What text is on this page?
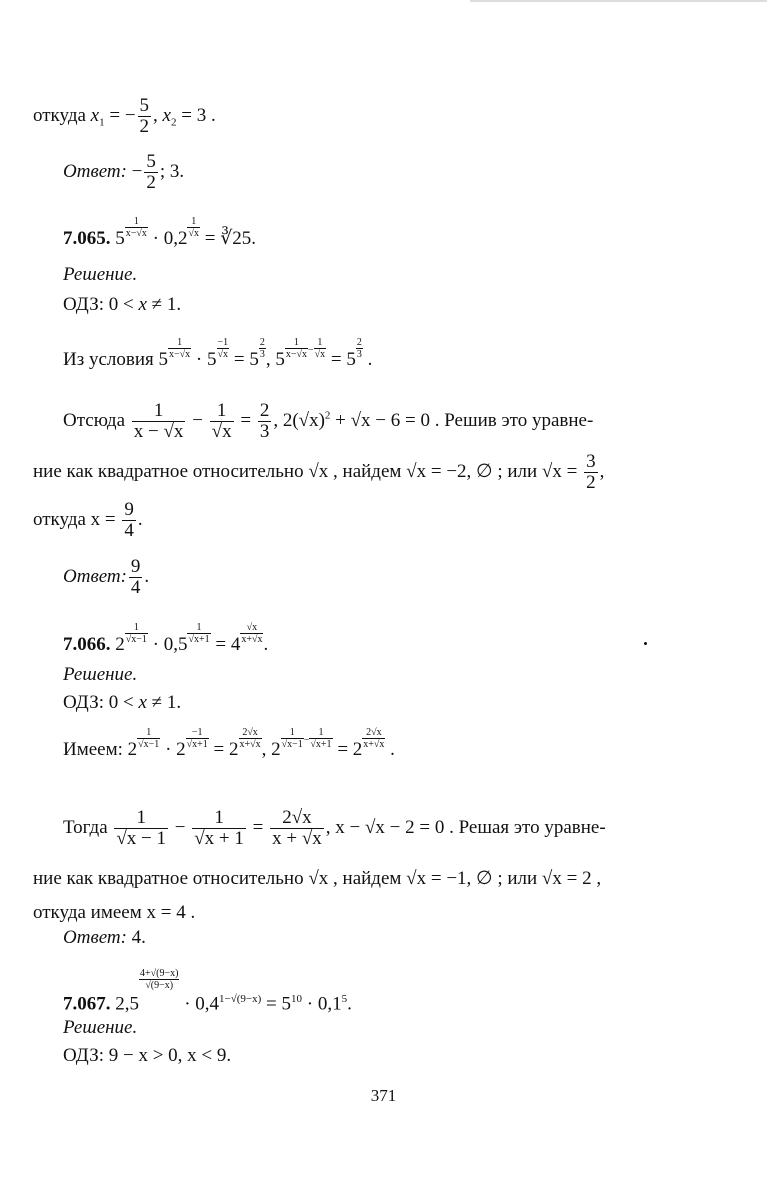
откуда $x_1$ = − $\frac{5}{2}$ , $x_2 = 3$ .
Ответ: − $\frac{5}{2}$ ; 3.
7.065. $5 \frac{1}{x-√x} \cdot 0,2 \frac{1}{√x}$ = ∛25.
Решение.
ОДЗ: 0 < x ≠ 1.
Из условия $5 \frac{1}{x-√x} \cdot 5 \frac{-1}{√x} = 5 \frac{2}{3}$ , $5 \frac{1}{x-√x} ^- \frac{1}{√x} = 5 \frac{2}{3}$ .
Отсюда $\frac{1}{x - √x} - \frac{1}{√x} = \frac{2}{3}$ , $2(√x)^2 + √x - 6 = 0$ . Решив это уравне-
ние как квадратное относительно √x , найдем √x = −2, ∅ ; или $√x = \frac{3}{2}$ ,
откуда $x = \frac{9}{4}$ .
Ответ: $\frac{9}{4}$ .
7.066. $2 \frac{1}{√x-1} \cdot 0,5 \frac{1}{√x+1} = 4 \frac{√x}{x+√x}$ .
Решение.
ОДЗ: 0 < x ≠ 1.
Имеем: $2 \frac{1}{√x-1} \cdot 2 \frac{-1}{√x+1} = 2 \frac{2√x}{x+√x}$ , $2 \frac{1}{√x-1} ^- \frac{1}{√x+1} = 2 \frac{2√x}{x+√x}$ .
Тогда $\frac{1}{√x - 1} - \frac{1}{√x + 1} = \frac{2√x}{x + √x}$ , x − √x − 2 = 0 . Решая это уравне-
ние как квадратное относительно √x , найдем √x = −1, ∅ ; или √x = 2 ,
откуда имеем x = 4 .
Ответ: 4.
7.067. 2,5
$\frac{4+√(9-x)}{√(9-x)}$
· $0,4^{1-√(9-x)} = 5^{10} \cdot 0,1^5$.
Решение.
ОДЗ: 9 − x > 0, x < 9.
371
